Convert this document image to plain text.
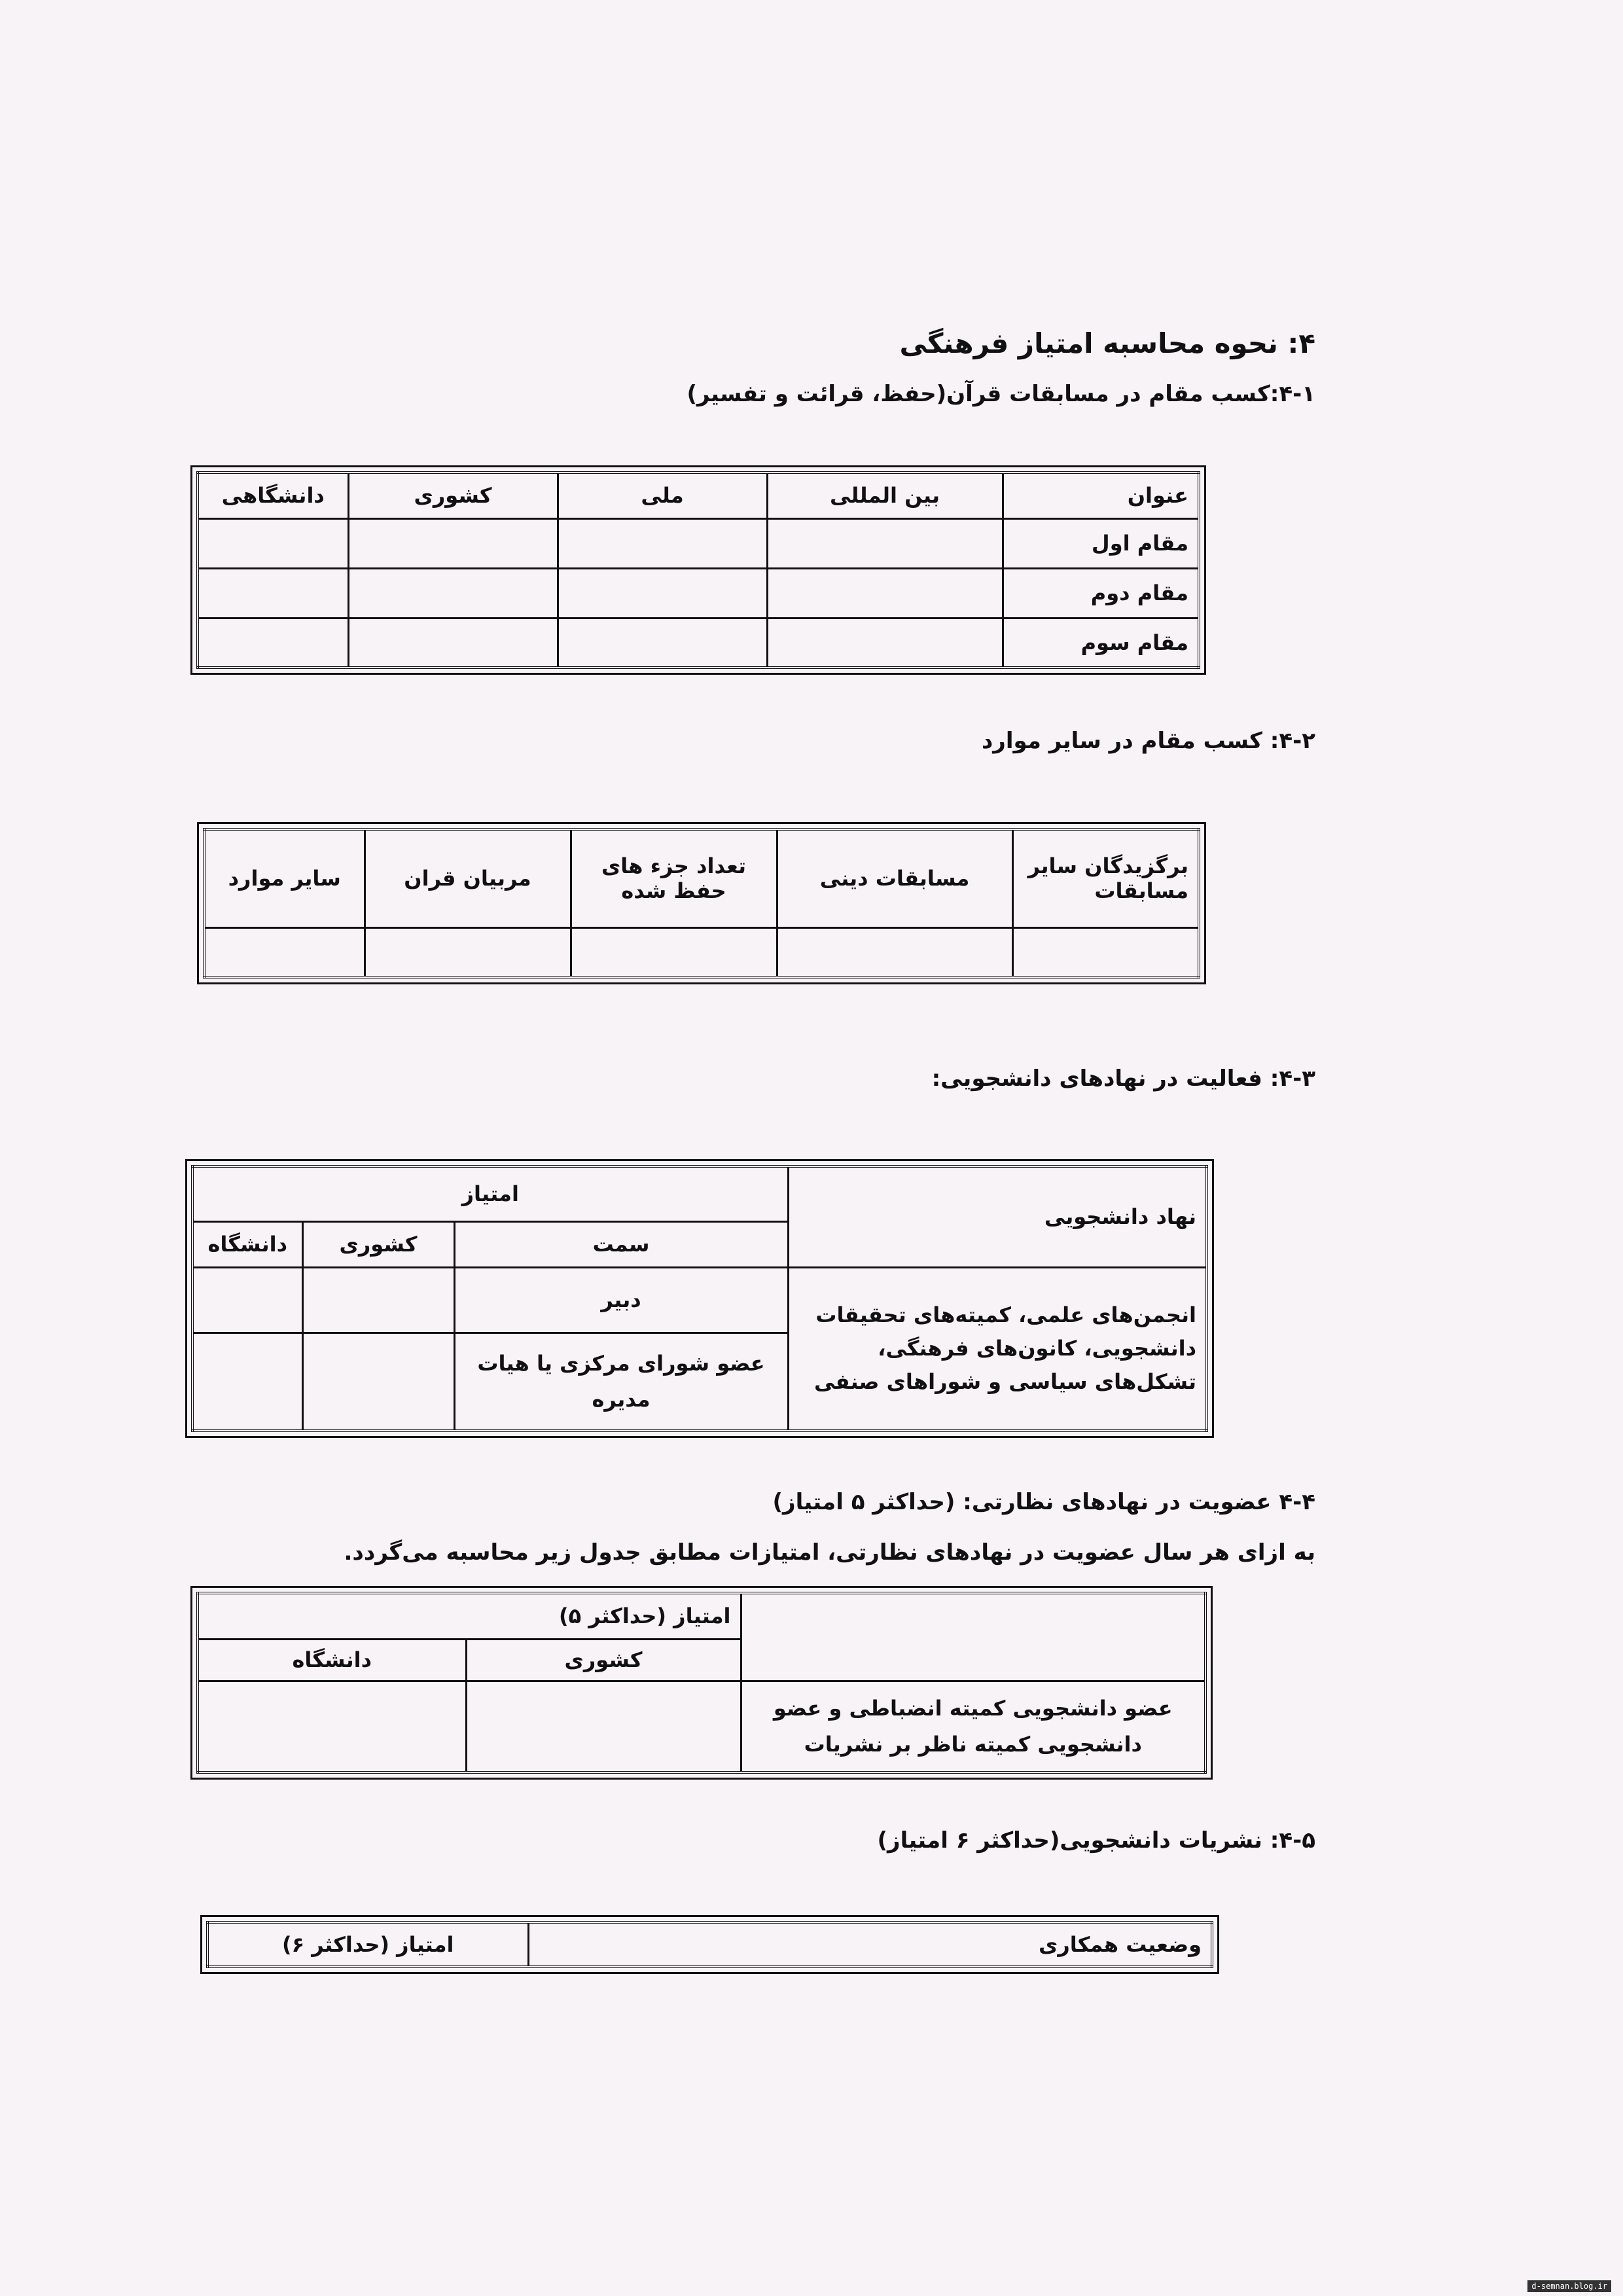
۴: نحوه محاسبه امتیاز فرهنگی
۴-۱:کسب مقام در مسابقات قرآن(حفظ، قرائت و تفسیر)
عنوان	بین المللی	ملی	کشوری	دانشگاهی
مقام اول				
مقام دوم				
مقام سوم				
۴-۲: کسب مقام در سایر موارد
برگزیدگان سایر مسابقات	مسابقات دینی	تعداد جزء های حفظ شده	مربیان قران	سایر موارد

۴-۳: فعالیت در نهادهای دانشجویی:
نهاد دانشجویی	امتیاز		
	سمت	کشوری	دانشگاه
انجمن‌های علمی، کمیته‌های تحقیقات دانشجویی، کانون‌های فرهنگی، تشکل‌های سیاسی و شوراهای صنفی	دبیر		
	عضو شورای مرکزی یا هیات مدیره		
۴-۴ عضویت در نهادهای نظارتی: (حداکثر ۵ امتیاز)
به ازای هر سال عضویت در نهادهای نظارتی، امتیازات مطابق جدول زیر محاسبه می‌گردد.
	امتیاز (حداکثر ۵)	
	کشوری	دانشگاه
عضو دانشجویی کمیته انضباطی و عضو دانشجویی کمیته ناظر بر نشریات		
۴-۵: نشریات دانشجویی(حداکثر ۶ امتیاز)
وضعیت همکاری	امتیاز (حداکثر ۶)
d-semnan.blog.ir
